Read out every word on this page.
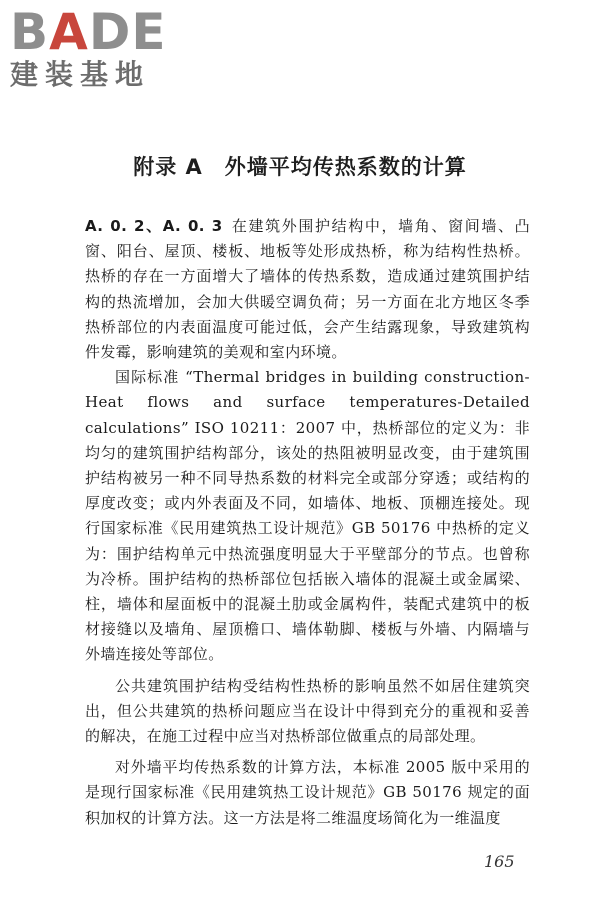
BADE
建装基地
附录 A　外墙平均传热系数的计算

A. 0. 2、A. 0. 3 在建筑外围护结构中，墙角、窗间墙、凸窗、阳台、屋顶、楼板、地板等处形成热桥，称为结构性热桥。热桥的存在一方面增大了墙体的传热系数，造成通过建筑围护结构的热流增加，会加大供暖空调负荷；另一方面在北方地区冬季热桥部位的内表面温度可能过低，会产生结露现象，导致建筑构件发霉，影响建筑的美观和室内环境。

国际标准 “Thermal bridges in building construction-Heat flows and surface temperatures-Detailed calculations” ISO 10211：2007 中，热桥部位的定义为：非均匀的建筑围护结构部分，该处的热阻被明显改变，由于建筑围护结构被另一种不同导热系数的材料完全或部分穿透；或结构的厚度改变；或内外表面及不同，如墙体、地板、顶棚连接处。现行国家标准《民用建筑热工设计规范》GB 50176 中热桥的定义为：围护结构单元中热流强度明显大于平壁部分的节点。也曾称为冷桥。围护结构的热桥部位包括嵌入墙体的混凝土或金属梁、柱，墙体和屋面板中的混凝土肋或金属构件，装配式建筑中的板材接缝以及墙角、屋顶檐口、墙体勒脚、楼板与外墙、内隔墙与外墙连接处等部位。

公共建筑围护结构受结构性热桥的影响虽然不如居住建筑突出，但公共建筑的热桥问题应当在设计中得到充分的重视和妥善的解决，在施工过程中应当对热桥部位做重点的局部处理。

对外墙平均传热系数的计算方法，本标准 2005 版中采用的是现行国家标准《民用建筑热工设计规范》GB 50176 规定的面积加权的计算方法。这一方法是将二维温度场简化为一维温度

165
